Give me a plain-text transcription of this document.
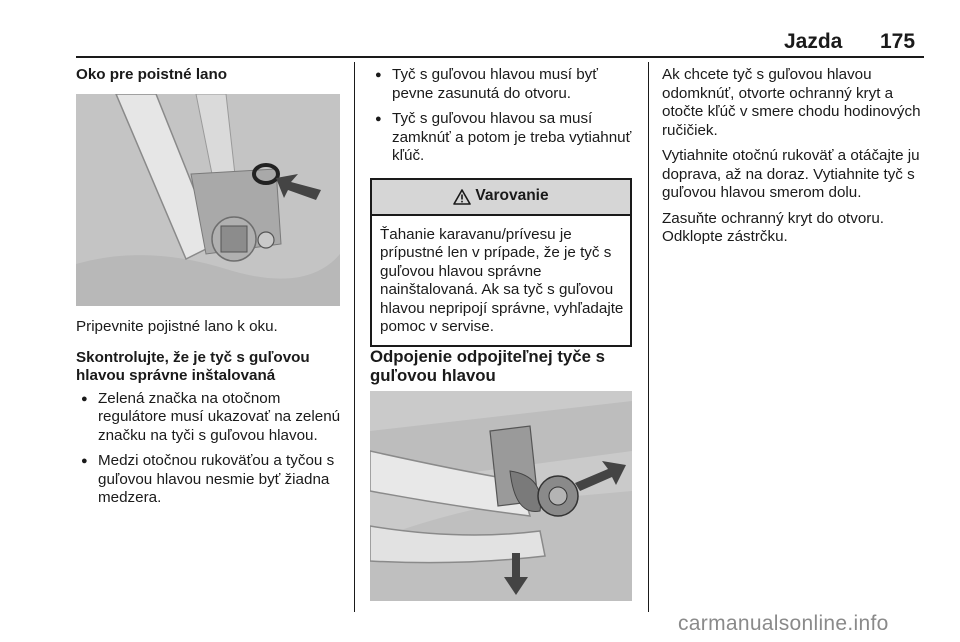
Jazda 175

Oko pre poistné lano

Pripevnite pojistné lano k oku.

Skontrolujte, že je tyč s guľovou hlavou správne inštalovaná

● Zelená značka na otočnom regulátore musí ukazovať na zelenú značku na tyči s guľovou hlavou.
● Medzi otočnou rukoväťou a tyčou s guľovou hlavou nesmie byť žiadna medzera.
● Tyč s guľovou hlavou musí byť pevne zasunutá do otvoru.
● Tyč s guľovou hlavou sa musí zamknúť a potom je treba vytiahnuť kľúč.
Varovanie
Ťahanie karavanu/prívesu je prípustné len v prípade, že je tyč s guľovou hlavou správne nainštalovaná. Ak sa tyč s guľovou hlavou nepripojí správne, vyhľadajte pomoc v servise.

Odpojenie odpojiteľnej tyče s guľovou hlavou

Ak chcete tyč s guľovou hlavou odomknúť, otvorte ochranný kryt a otočte kľúč v smere chodu hodinových ručičiek.

Vytiahnite otočnú rukoväť a otáčajte ju doprava, až na doraz. Vytiahnite tyč s guľovou hlavou smerom dolu.

Zasuňte ochranný kryt do otvoru. Odklopte zástrčku.

carmanualsonline.info
